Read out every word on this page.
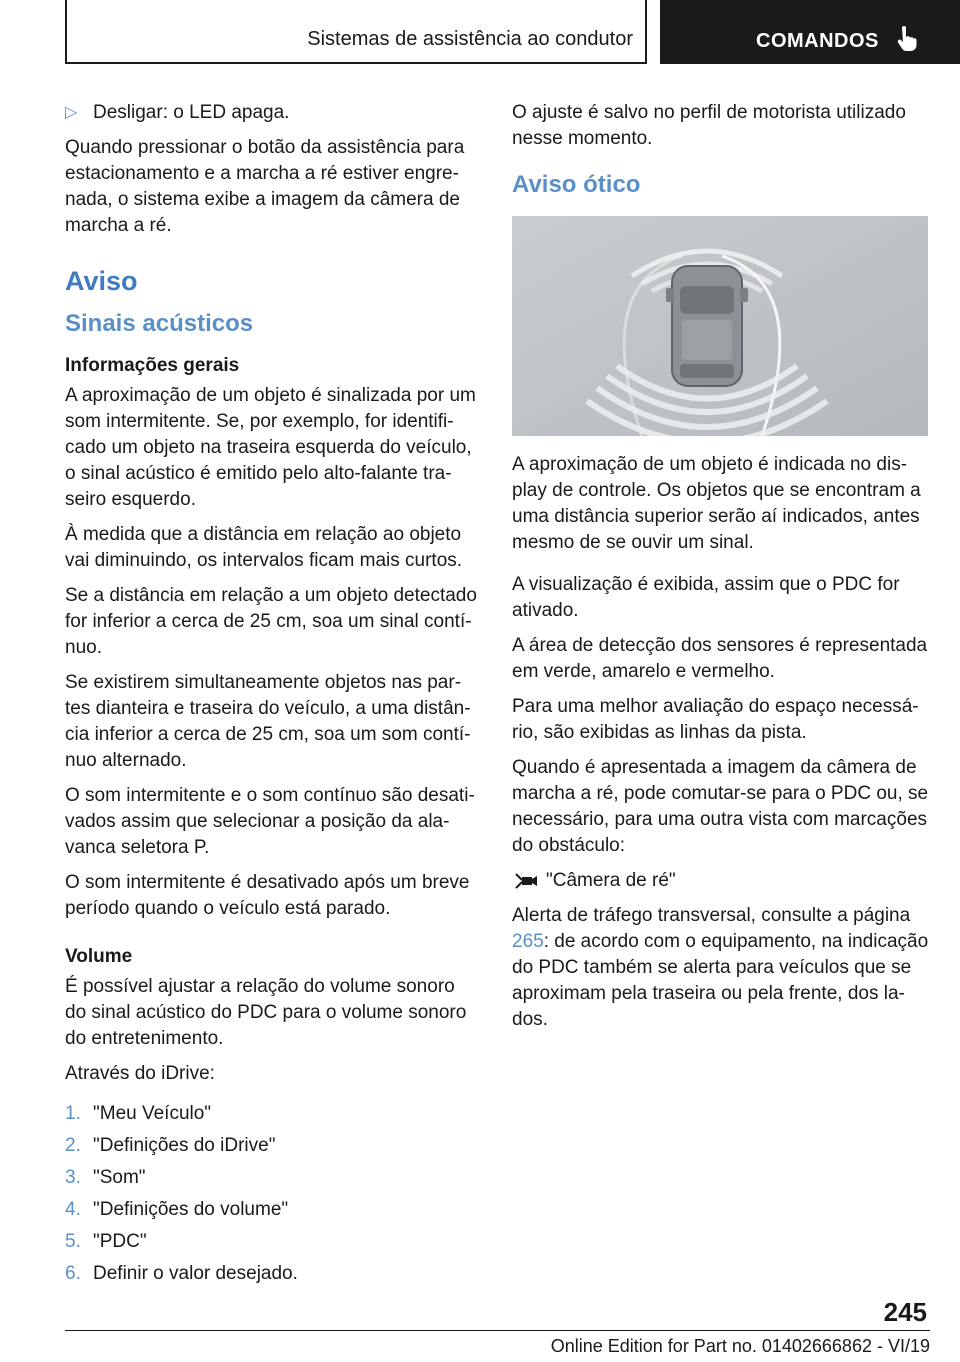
Sistemas de assistência ao condutor	COMANDOS
▷ Desligar: o LED apaga.

Quando pressionar o botão da assistência para estacionamento e a marcha a ré estiver engrenada, o sistema exibe a imagem da câmera de marcha a ré.

Aviso
Sinais acústicos
Informações gerais

A aproximação de um objeto é sinalizada por um som intermitente. Se, por exemplo, for identificado um objeto na traseira esquerda do veículo, o sinal acústico é emitido pelo alto-falante traseiro esquerdo.

À medida que a distância em relação ao objeto vai diminuindo, os intervalos ficam mais curtos.

Se a distância em relação a um objeto detectado for inferior a cerca de 25 cm, soa um sinal contínuo.

Se existirem simultaneamente objetos nas partes dianteira e traseira do veículo, a uma distância inferior a cerca de 25 cm, soa um som contínuo alternado.

O som intermitente e o som contínuo são desativados assim que selecionar a posição da alavanca seletora P.

O som intermitente é desativado após um breve período quando o veículo está parado.

Volume

É possível ajustar a relação do volume sonoro do sinal acústico do PDC para o volume sonoro do entretenimento.

Através do iDrive:

1. "Meu Veículo"
2. "Definições do iDrive"
3. "Som"
4. "Definições do volume"
5. "PDC"
6. Definir o valor desejado.

O ajuste é salvo no perfil de motorista utilizado nesse momento.

Aviso ótico

A aproximação de um objeto é indicada no display de controle. Os objetos que se encontram a uma distância superior serão aí indicados, antes mesmo de se ouvir um sinal.

A visualização é exibida, assim que o PDC for ativado.

A área de detecção dos sensores é representada em verde, amarelo e vermelho.

Para uma melhor avaliação do espaço necessário, são exibidas as linhas da pista.

Quando é apresentada a imagem da câmera de marcha a ré, pode comutar-se para o PDC ou, se necessário, para uma outra vista com marcações do obstáculo:

"Câmera de ré"

Alerta de tráfego transversal, consulte a página 265: de acordo com o equipamento, na indicação do PDC também se alerta para veículos que se aproximam pela traseira ou pela frente, dos lados.

245
Online Edition for Part no. 01402666862 - VI/19
